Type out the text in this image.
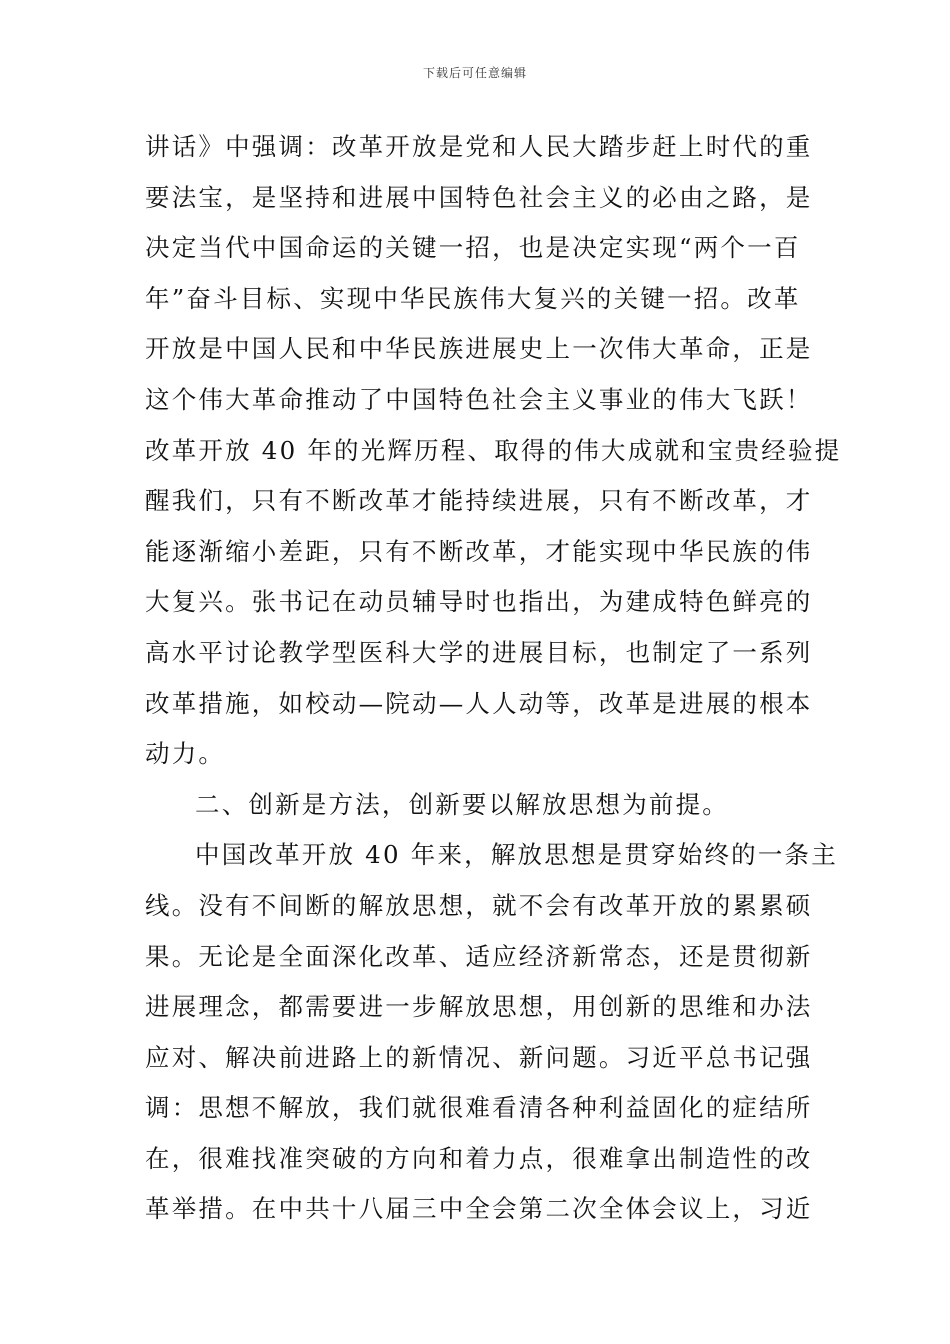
下载后可任意编辑
讲话》中强调：改革开放是党和人民大踏步赶上时代的重
要法宝，是坚持和进展中国特色社会主义的必由之路，是
决定当代中国命运的关键一招，也是决定实现“两个一百
年”奋斗目标、实现中华民族伟大复兴的关键一招。改革
开放是中国人民和中华民族进展史上一次伟大革命，正是
这个伟大革命推动了中国特色社会主义事业的伟大飞跃！
改革开放 40 年的光辉历程、取得的伟大成就和宝贵经验提
醒我们，只有不断改革才能持续进展，只有不断改革，才
能逐渐缩小差距，只有不断改革，才能实现中华民族的伟
大复兴。张书记在动员辅导时也指出，为建成特色鲜亮的
高水平讨论教学型医科大学的进展目标，也制定了一系列
改革措施，如校动—院动—人人动等，改革是进展的根本
动力。
二、创新是方法，创新要以解放思想为前提。
中国改革开放 40 年来，解放思想是贯穿始终的一条主
线。没有不间断的解放思想，就不会有改革开放的累累硕
果。无论是全面深化改革、适应经济新常态，还是贯彻新
进展理念，都需要进一步解放思想，用创新的思维和办法
应对、解决前进路上的新情况、新问题。习近平总书记强
调：思想不解放，我们就很难看清各种利益固化的症结所
在，很难找准突破的方向和着力点，很难拿出制造性的改
革举措。在中共十八届三中全会第二次全体会议上，习近
